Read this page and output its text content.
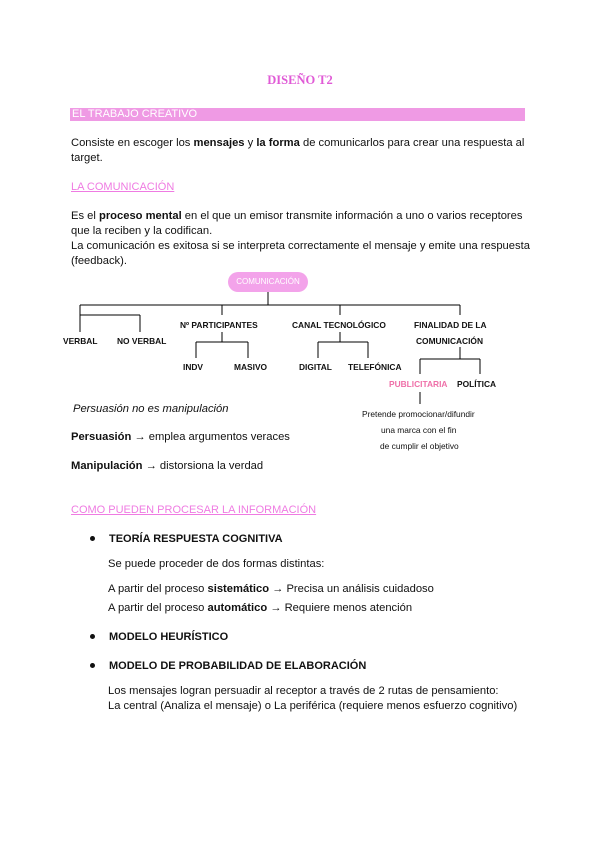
DISEÑO T2
EL TRABAJO CREATIVO
Consiste en escoger los mensajes y la forma de comunicarlos para crear una respuesta al
target.
LA COMUNICACIÓN
Es el proceso mental en el que un emisor transmite información a uno o varios receptores
que la reciben y la codifican.
La comunicación es exitosa si se interpreta correctamente el mensaje y emite una respuesta
(feedback).
COMUNICACIÓN
VERBAL NO VERBAL
Nº PARTICIPANTES	CANAL TECNOLÓGICO	FINALIDAD DE LA
COMUNICACIÓN
INDV	MASIVO	DIGITAL TELEFÓNICA
PUBLICITARIA POLÍTICA
Pretende promocionar/difundir
una marca con el fin
de cumplir el objetivo
Persuasión no es manipulación
Persuasión → emplea argumentos veraces
Manipulación → distorsiona la verdad
COMO PUEDEN PROCESAR LA INFORMACIÓN
TEORÍA RESPUESTA COGNITIVA
Se puede proceder de dos formas distintas:
A partir del proceso sistemático → Precisa un análisis cuidadoso
A partir del proceso automático → Requiere menos atención
MODELO HEURÍSTICO
MODELO DE PROBABILIDAD DE ELABORACIÓN
Los mensajes logran persuadir al receptor a través de 2 rutas de pensamiento:
La central (Analiza el mensaje) o La periférica (requiere menos esfuerzo cognitivo)
